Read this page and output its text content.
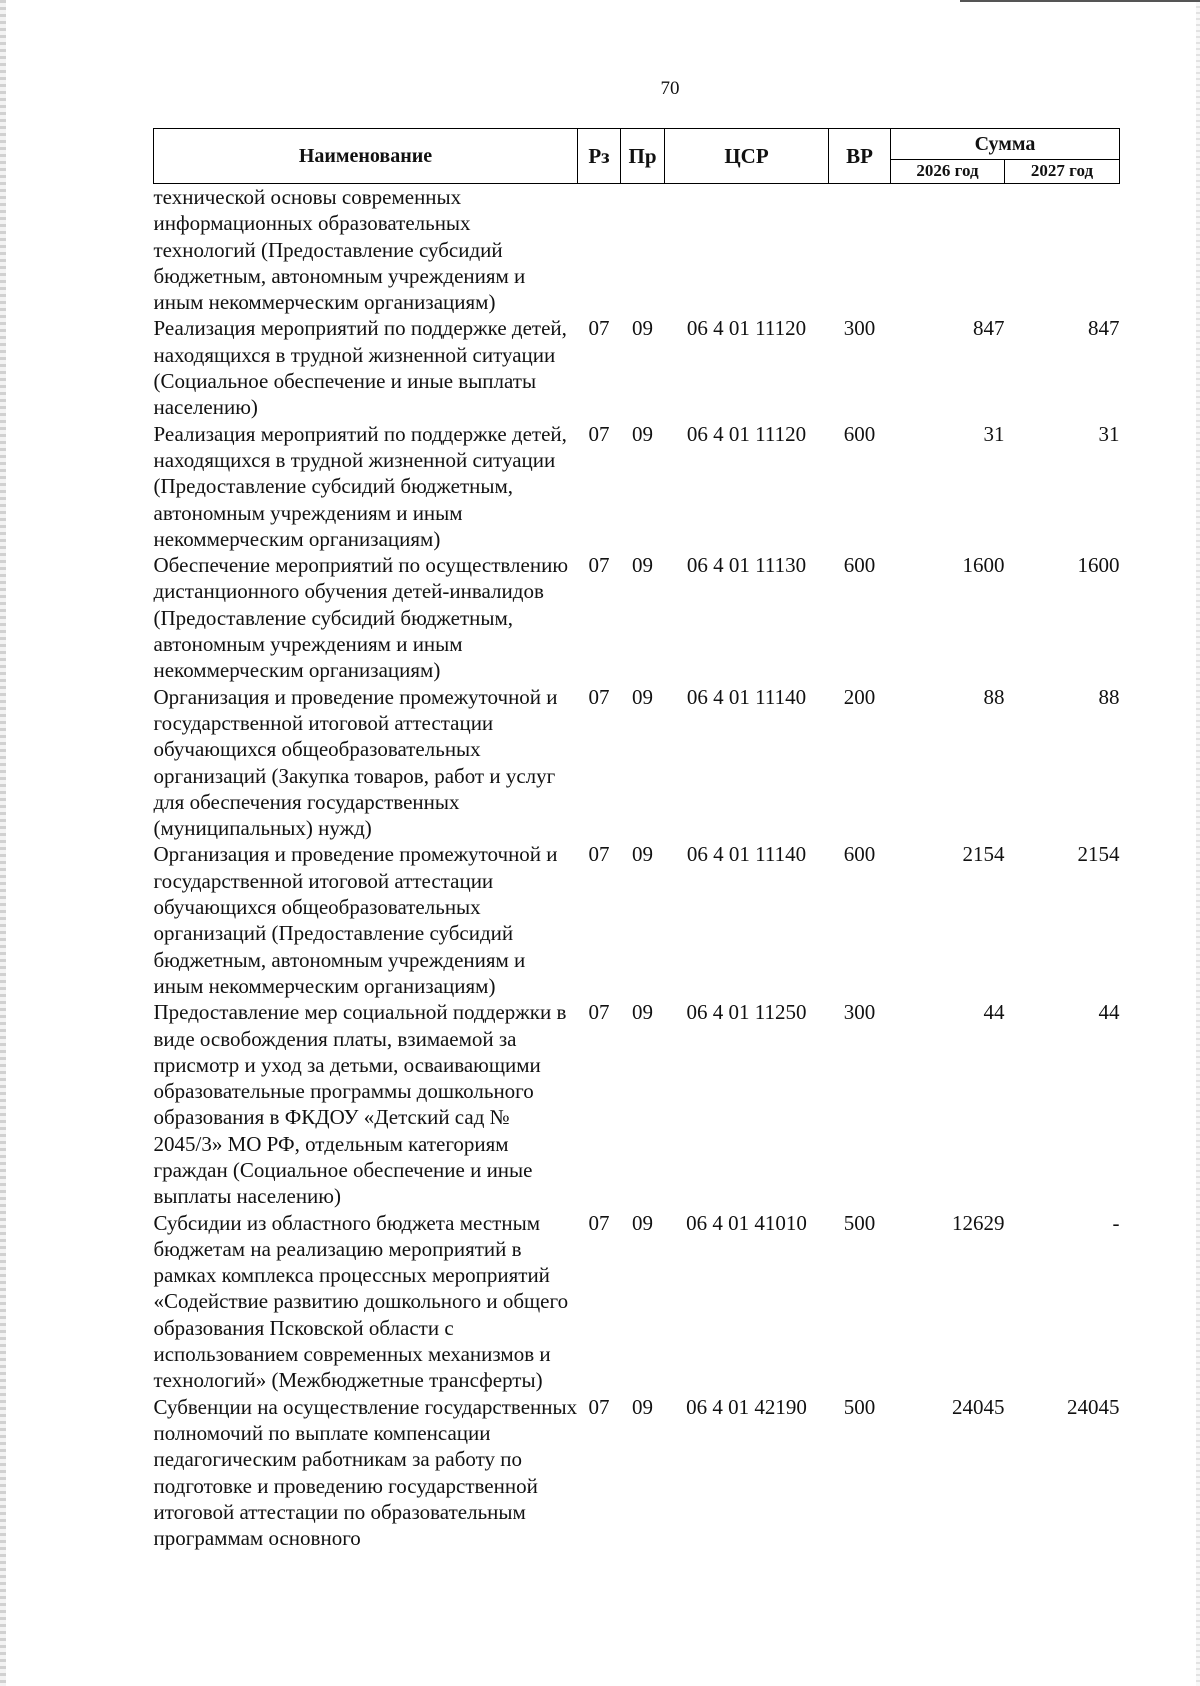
70
Наименование	Рз	Пр	ЦСР	ВР	Сумма	
					2026 год	2027 год
технической основы современных информационных образовательных технологий (Предоставление субсидий бюджетным, автономным учреждениям и иным некоммерческим организациям)						
Реализация мероприятий по поддержке детей, находящихся в трудной жизненной ситуации (Социальное обеспечение и иные выплаты населению)	07	09	06 4 01 11120	300	847	847
Реализация мероприятий по поддержке детей, находящихся в трудной жизненной ситуации (Предоставление субсидий бюджетным, автономным учреждениям и иным некоммерческим организациям)	07	09	06 4 01 11120	600	31	31
Обеспечение мероприятий по осуществлению дистанционного обучения детей-инвалидов (Предоставление субсидий бюджетным, автономным учреждениям и иным некоммерческим организациям)	07	09	06 4 01 11130	600	1600	1600
Организация и проведение промежуточной и государственной итоговой аттестации обучающихся общеобразовательных организаций (Закупка товаров, работ и услуг для обеспечения государственных (муниципальных) нужд)	07	09	06 4 01 11140	200	88	88
Организация и проведение промежуточной и государственной итоговой аттестации обучающихся общеобразовательных организаций (Предоставление субсидий бюджетным, автономным учреждениям и иным некоммерческим организациям)	07	09	06 4 01 11140	600	2154	2154
Предоставление мер социальной поддержки в виде освобождения платы, взимаемой за присмотр и уход за детьми, осваивающими образовательные программы дошкольного образования в ФКДОУ «Детский сад № 2045/3» МО РФ, отдельным категориям граждан (Социальное обеспечение и иные выплаты населению)	07	09	06 4 01 11250	300	44	44
Субсидии из областного бюджета местным бюджетам на реализацию мероприятий в рамках комплекса процессных мероприятий «Содействие развитию дошкольного и общего образования Псковской области с использованием современных механизмов и технологий» (Межбюджетные трансферты)	07	09	06 4 01 41010	500	12629	-
Субвенции на осуществление государственных полномочий по выплате компенсации педагогическим работникам за работу по подготовке и проведению государственной итоговой аттестации по образовательным программам основного	07	09	06 4 01 42190	500	24045	24045
